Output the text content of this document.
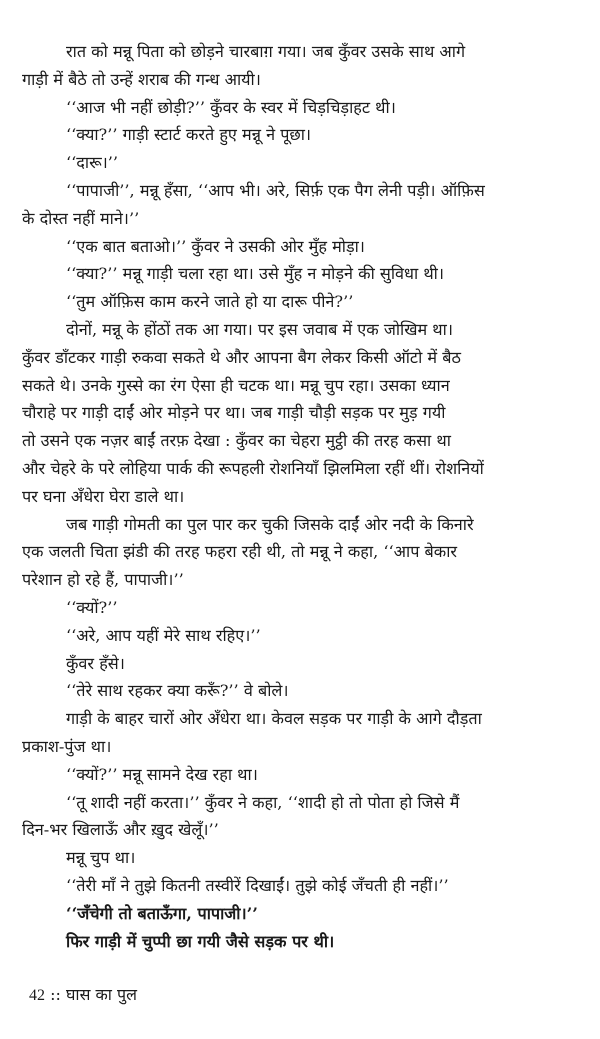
रात को मन्नू पिता को छोड़ने चारबाग़ गया। जब कुँवर उसके साथ आगे
गाड़ी में बैठे तो उन्हें शराब की गन्ध आयी।
‘‘आज भी नहीं छोड़ी?’’ कुँवर के स्वर में चिड़चिड़ाहट थी।
‘‘क्या?’’ गाड़ी स्टार्ट करते हुए मन्नू ने पूछा।
‘‘दारू।’’
‘‘पापाजी’’, मन्नू हँसा, ‘‘आप भी। अरे, सिर्फ़ एक पैग लेनी पड़ी। ऑफ़िस
के दोस्त नहीं माने।’’
‘‘एक बात बताओ।’’ कुँवर ने उसकी ओर मुँह मोड़ा।
‘‘क्या?’’ मन्नू गाड़ी चला रहा था। उसे मुँह न मोड़ने की सुविधा थी।
‘‘तुम ऑफ़िस काम करने जाते हो या दारू पीने?’’
दोनों, मन्नू के होंठों तक आ गया। पर इस जवाब में एक जोखिम था।
कुँवर डाँटकर गाड़ी रुकवा सकते थे और आपना बैग लेकर किसी ऑटो में बैठ
सकते थे। उनके गुस्से का रंग ऐसा ही चटक था। मन्नू चुप रहा। उसका ध्यान
चौराहे पर गाड़ी दाईं ओर मोड़ने पर था। जब गाड़ी चौड़ी सड़क पर मुड़ गयी
तो उसने एक नज़र बाईं तरफ़ देखा : कुँवर का चेहरा मुट्ठी की तरह कसा था
और चेहरे के परे लोहिया पार्क की रूपहली रोशनियाँ झिलमिला रहीं थीं। रोशनियों
पर घना अँधेरा घेरा डाले था।
जब गाड़ी गोमती का पुल पार कर चुकी जिसके दाईं ओर नदी के किनारे
एक जलती चिता झंडी की तरह फहरा रही थी, तो मन्नू ने कहा, ‘‘आप बेकार
परेशान हो रहे हैं, पापाजी।’’
‘‘क्यों?’’
‘‘अरे, आप यहीं मेरे साथ रहिए।’’
कुँवर हँसे।
‘‘तेरे साथ रहकर क्या करूँ?’’ वे बोले।
गाड़ी के बाहर चारों ओर अँधेरा था। केवल सड़क पर गाड़ी के आगे दौड़ता
प्रकाश-पुंज था।
‘‘क्यों?’’ मन्नू सामने देख रहा था।
‘‘तू शादी नहीं करता।’’ कुँवर ने कहा, ‘‘शादी हो तो पोता हो जिसे मैं
दिन-भर खिलाऊँ और ख़ुद खेलूँ।’’
मन्नू चुप था।
‘‘तेरी माँ ने तुझे कितनी तस्वीरें दिखाईं। तुझे कोई जँचती ही नहीं।’’
‘‘जँचेगी तो बताऊँगा, पापाजी।’’
फिर गाड़ी में चुप्पी छा गयी जैसे सड़क पर थी।
42 :: घास का पुल
